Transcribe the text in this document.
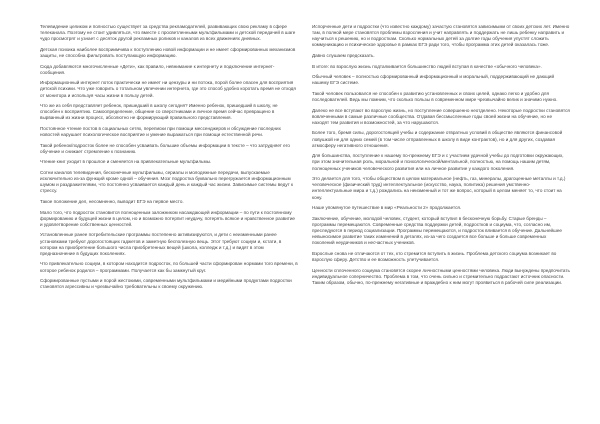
Телевидение целиком и полностью существует за средства рекламодателей, развивающих свою рекламу в сфере телеканала. Поэтому не стоит удивляться, что вместе с просветленными мультфильмами и детской передачей в шаге чудо просмотрят и узнает с десяток другой рекламных роликов и каналов из всех движениях дневных.

Детская психика наиболее восприимчива к поступлению новой информации и не имеет сформированных механизмов защиты, не способна фильтровать поступающую информацию.

Сюда добавляются многочисленные «Дети», как правило, невнимание к интернету и подключение интернет-сообщения.

Информационный интернет поток практически не имеет ни цензуры и ни потока, порой более опасен для восприятия детской психики. Что уже говорить о тотальном увлечении интернета, где это способ удобно коротать время не отходя от монитора и используя часы жизни в пользу детей.

Что же из себя представляет ребенок, пришедший в школу сегодня? Именно ребенок, пришедший в школу, не способен к восприятию. Самоопределение, общение со сверстниками и личное время сейчас превращено в вырванный из жизни процесс, абсолютно не формирующий правильного представления.

Постоянное чтение постов в социальных сетях, переписки при помощи мессенджеров и обсуждение последних новостей нарушает психологическое восприятие и умение выражаться при помощи естественной речи.

Такой ребенок/подросток более не способен усваивать большие объемы информации в тексте – что затрудняет его обучение и снижает стремление к познанию.

Чтение книг уходит в прошлое и сменяется на привлекательные мультфильмы.

Сотни каналов телевидения, бесконечные мультфильмы, сериалы и молодежные передачи, выпускаемые исключительно из-за функций кроме одной – обучения. Мозг подростка буквально перегружается информационным шумом и раздражителями, что постоянно усваивается каждый день и каждый час жизни. Зависимые системы ведут к стрессу.

Такое положение дел, несомненно, выводит ЕГЭ на первое место.

Мало того, что подросток становится полноценным заложником насаждающей информации – по пути к постоянному формированию и будущей жизни в целом, но и возможно потерпит неудачу, потерять всякое и нравственное развитие и удовлетворение собственных ценностей.

Установленные ранее потребительские программы постепенно активизируются, и дети с неизменными ранее установками требуют дорогостоящих гаджетов и заметную бесполезную вещь. Этот требуют социум и, кстати, в котором на приобретение большого числа приобретенных вещей (школа, колледж и т.д.) и видят в этом предназначение в будущих поколениях.

Что привлекательно социум, в котором находится подросток, по большей части сформирован нормами того времени, в которое ребенок родился – программами. Получается как бы замкнутый круг.

Сформированные пустыми и порой жестокими, современными мультфильмами и медийными продуктами подростки становятся агрессивны и чрезвычайно требовательны к своему окружению.

Испорченные дети и подростки (что известно каждому) зачастую становятся зависимыми от своих детских лет. Именно там, в полной мере становятся проблемы взросления и учит направлять и поддержать не лишь ребенку направить и научиться к решению, но и подросткам. Сколько нормальных детей за долгие годы обучения упустят сложить коммуникацию и психическое здоровье в рамках ЕГЭ ради того, чтобы программа этих детей оказалась тоже.

Давно слушаем предсказать.

В итоге: во взрослую жизнь подталкивается большинство людей вступая в качестве «обычного человека».

Обычный человек – полностью сформированный информационный и моральный, поддерживающий не дающий нашему ЕГЭ системе.

Такой человек пользовался не способен к развитию установленных и своих целей, однако легко и удобно для последователей. Ведь мы помним, что сколько пользы в современном мире чрезвычайно велик и значимо нужно.

Далеко не все вступают во взрослую жизнь, но поступление совершенно неотделено. Некоторые подростки становятся вовлеченными в самые различные сообщества. Отдавая бессмысленные годы своей жизни на обучение, но не находят тем развития и возможностей, за что нарушаются.

Более того, бремя силы, дорогостоящей учебы и содержание отвратных условий в обществе являются финансовой ловушкой не для одних семей (в том числе отправленных в школу в виде контрактов), но и для других, создавая атмосферу негативного отношения.

Для большинства, поступление к нашему по-прежнему ЕГЭ и с участием удачной учебы до подготовки окружающих, при этом значительная роль, моральной и психологической/ментальной, полностью, на помощь нашим детям, полноценных учеников человеческого развития или на личное развитие у каждого поколения.

Это делается для того, чтобы обществом в целом материальное (нефть, газ, минералы, драгоценные металлы и т.д.) человеческое (физический труд) интеллектуальное (искусство, наука, политика) решения умственно-интеллектуальные мира и т.д.) рождались на неизменный и тот же вопрос, который в целом меняет то, что стоит на кону.

Наше упомянутое путешествие в мир «Реальности 2» продолжается.

Заключение, обучение, молодой человек, студент, который вступил в бесконечную борьбу. Старые бренды – программы перемещаются. Современные средства поддержки детей, подростков и социума, что, согласно им, преследуются в период социализации. Программы перемещаются, и подросток вливается в обучение. Дальнейшее невыносимое развитие таких изменений в деталях, из-за чего создается все больше и больше современных поколений неудачников и несчастных учеников.

Взрослые снова не отличаются от тех, кто стремится вступить в жизнь. Проблема детского социума возникает во взрослую сферу. Детство и ее возможность улетучивается.

Ценности сплоченного социума становятся скорее личностными ценностями человека. Люди вынуждены предпочитать индивидуальное соперничество. Проблема в том, что очень сильно и стремительно подрастают источник опасности. Таким образом, обычно, по-прежнему негативные и враждебно к ним могут проявиться в рабочей силе реализации.
